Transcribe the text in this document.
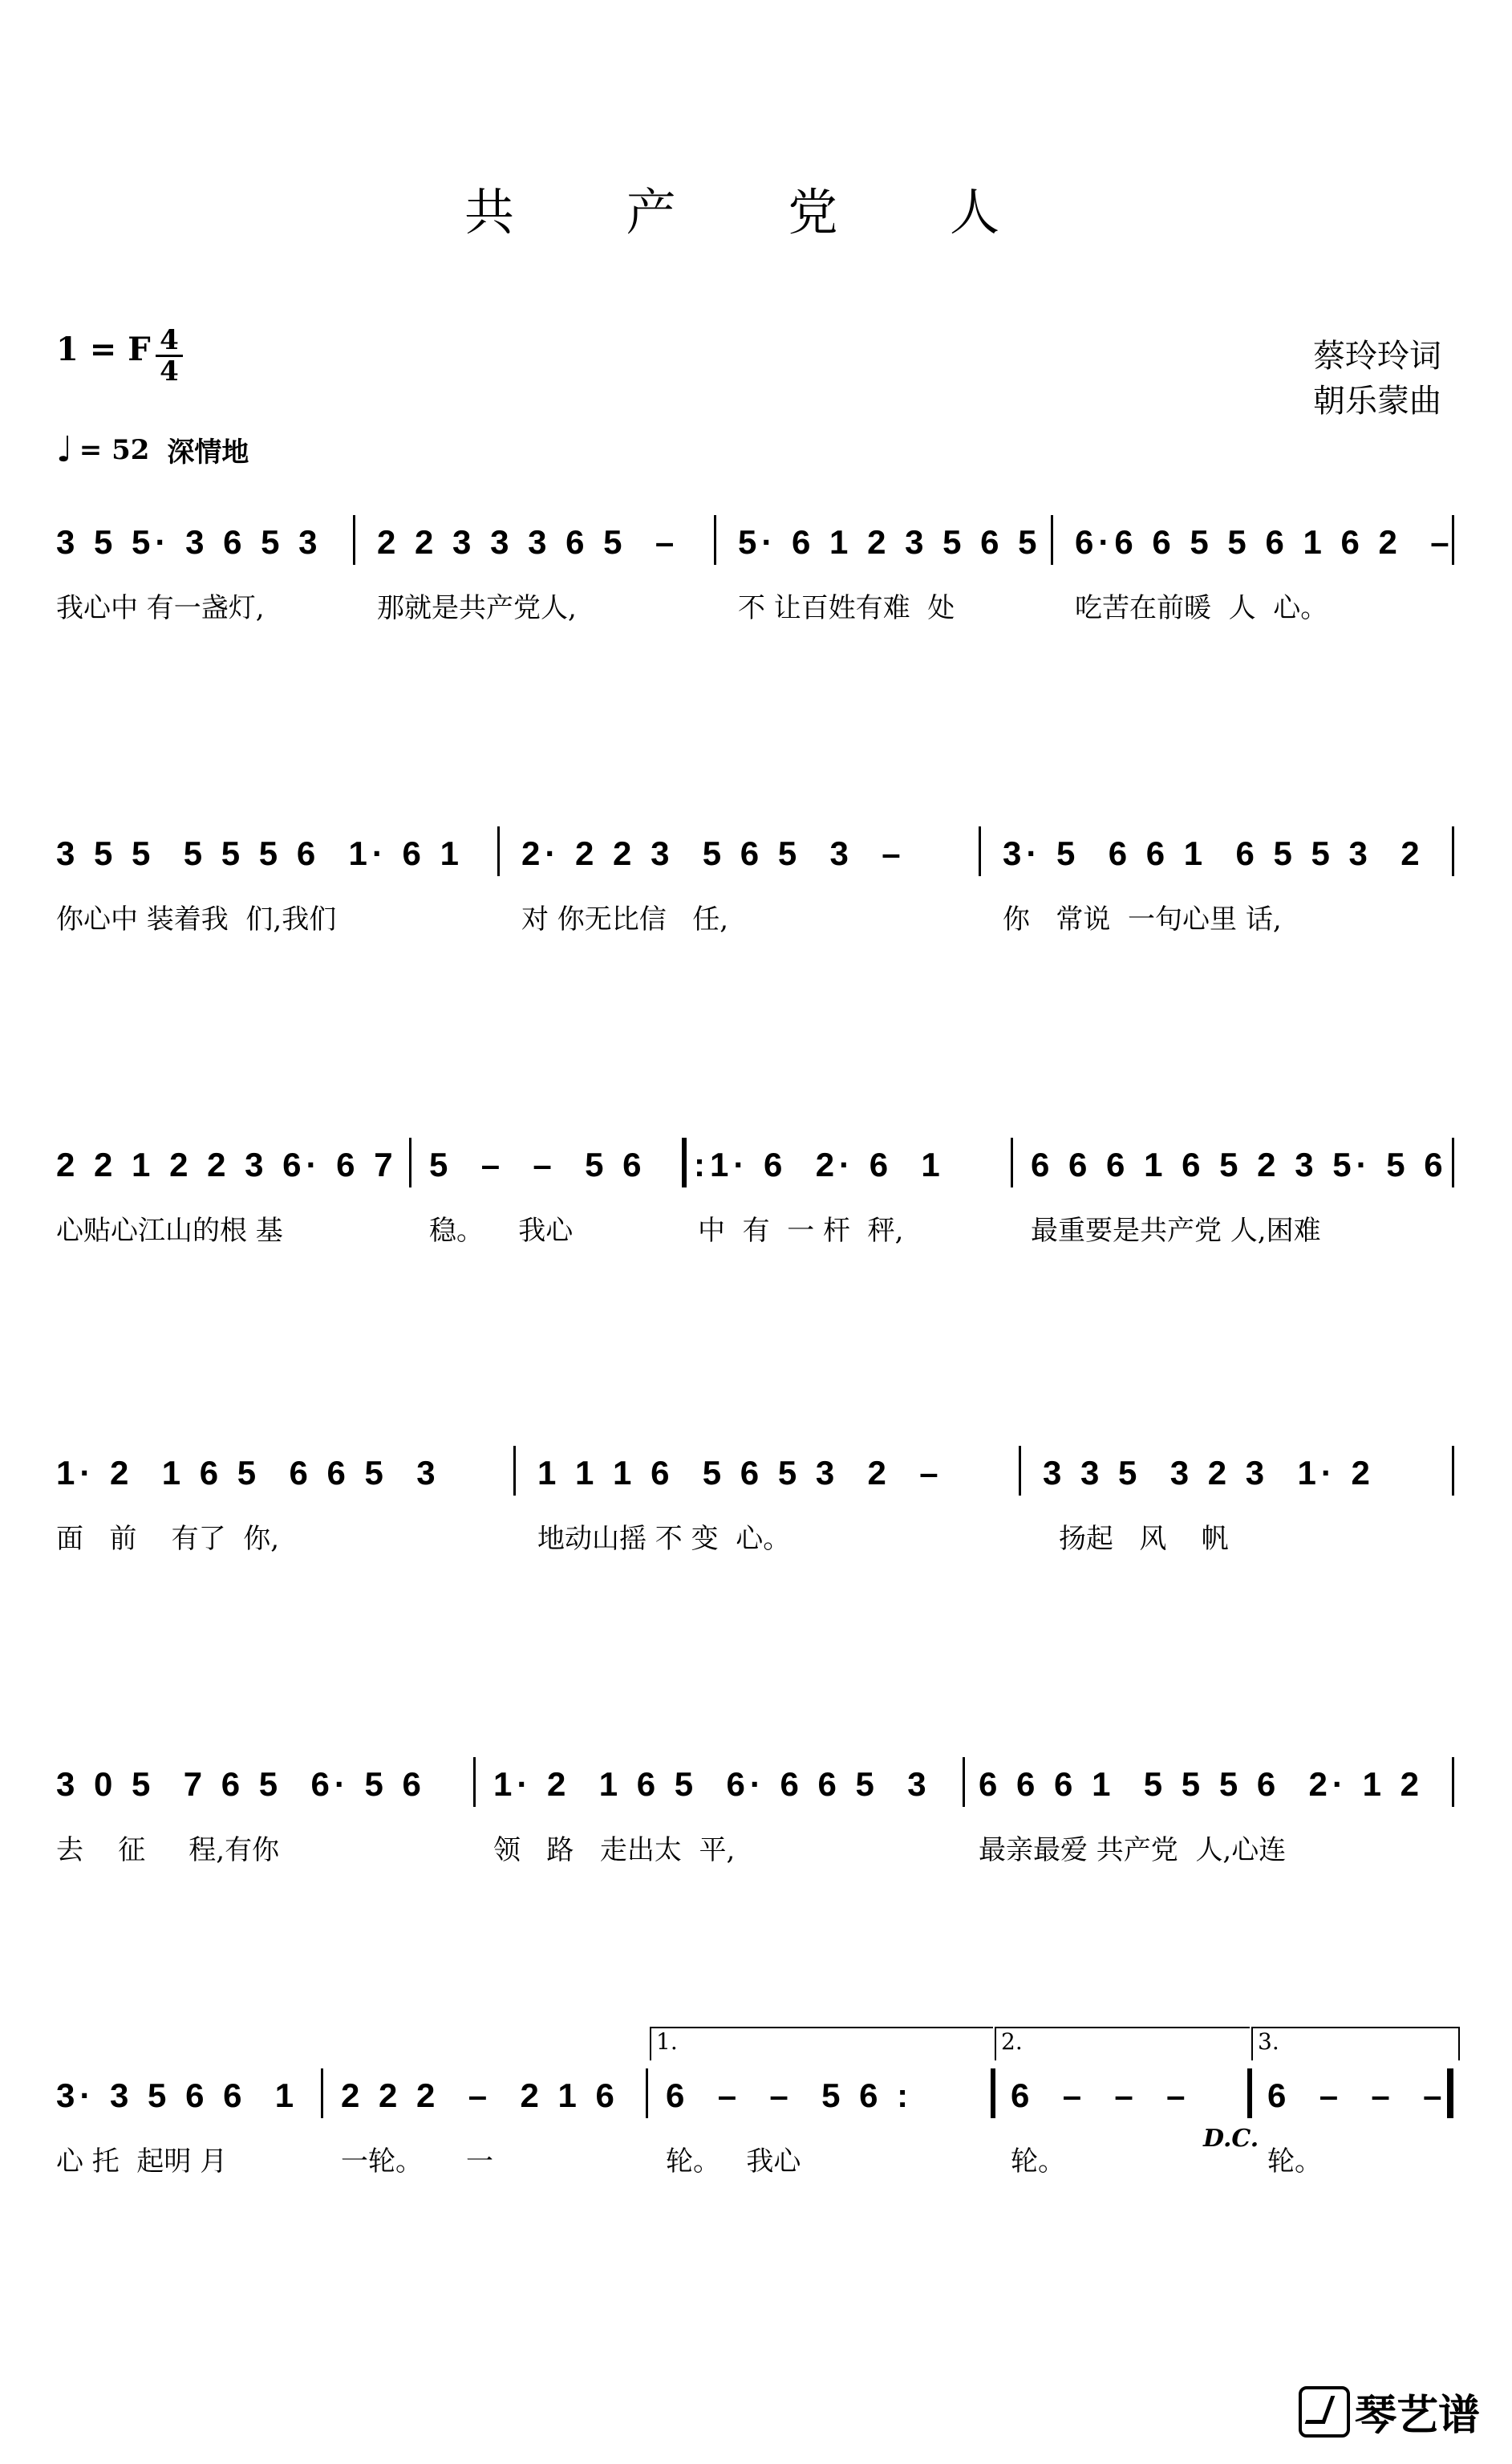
共 产 党 人
1 = F 4
4	蔡玲玲词
朝乐蒙曲
♩ = 52 深情地

3 5 5· 3 6 5 3

2 2 3 3 3 6 5  –

5· 6 1 2 3 5 6 5

6·6 6 5 5 6 1 6 2  –

我心中 有一盏灯,

	那就是共产党人,

	不 让百姓有难  处

	吃苦在前暖  人  心。

3 5 5  5 5 5 6  1· 6 1

2· 2 2 3  5 6 5  3  –

	3· 5  6 6 1  6 5 5 3  2

你心中 装着我  们,我们

	对 你无比信   任,

	你   常说  一句心里 话,

2 2 1 2 2 3 6· 6 7

5  –  –  5 6

:1· 6  2· 6  1

	6 6 6 1 6 5 2 3 5· 5 6

心贴心江山的根 基

	稳。    我心

	中  有  一 杆  秤,

	最重要是共产党 人,困难

1· 2  1 6 5  6 6 5  3

	1 1 1 6  5 6 5 3  2  –

	3 3 5  3 2 3  1· 2

面   前    有了  你,

	地动山摇 不 变  心。

	扬起   风    帆

3 0 5  7 6 5  6· 5 6

1· 2  1 6 5  6· 6 6 5  3

6 6 6 1  5 5 5 6  2· 1 2

去    征     程,有你

	领   路   走出太  平,

	最亲最爱 共产党  人,心连

1.	2.	3.

3· 3 5 6 6  1

2 2 2  –  2 1 6

6  –  –  5 6 :

	6  –  –  –

6  –  –  –

心 托  起明 月

	一轮。     一

	轮。   我心

	轮。

	轮。

D.C.
琴艺谱
